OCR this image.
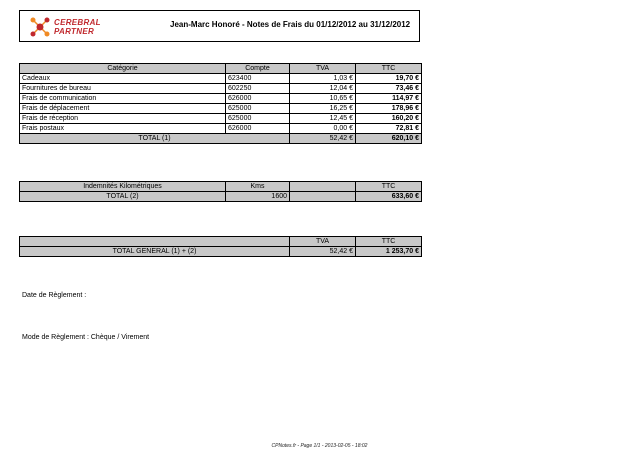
CEREBRAL
PARTNER
Jean-Marc Honoré - Notes de Frais du 01/12/2012 au 31/12/2012
Catégorie	Compte	TVA	TTC
Cadeaux	623400	1,03 €	19,70 €
Fournitures de bureau	602250	12,04 €	73,46 €
Frais de communication	626000	10,65 €	114,97 €
Frais de déplacement	625000	16,25 €	178,96 €
Frais de réception	625000	12,45 €	160,20 €
Frais postaux	626000	0,00 €	72,81 €
TOTAL (1)		52,42 €	620,10 €
Indemnités Kilométriques	Kms		TTC
TOTAL (2)	1600		633,60 €
	TVA	TTC
TOTAL GENERAL (1) + (2)	52,42 €	1 253,70 €
Date de Règlement :
Mode de Règlement : Chèque / Virement
CPNotes.fr - Page 1/1 - 2013-02-05 - 18:02
